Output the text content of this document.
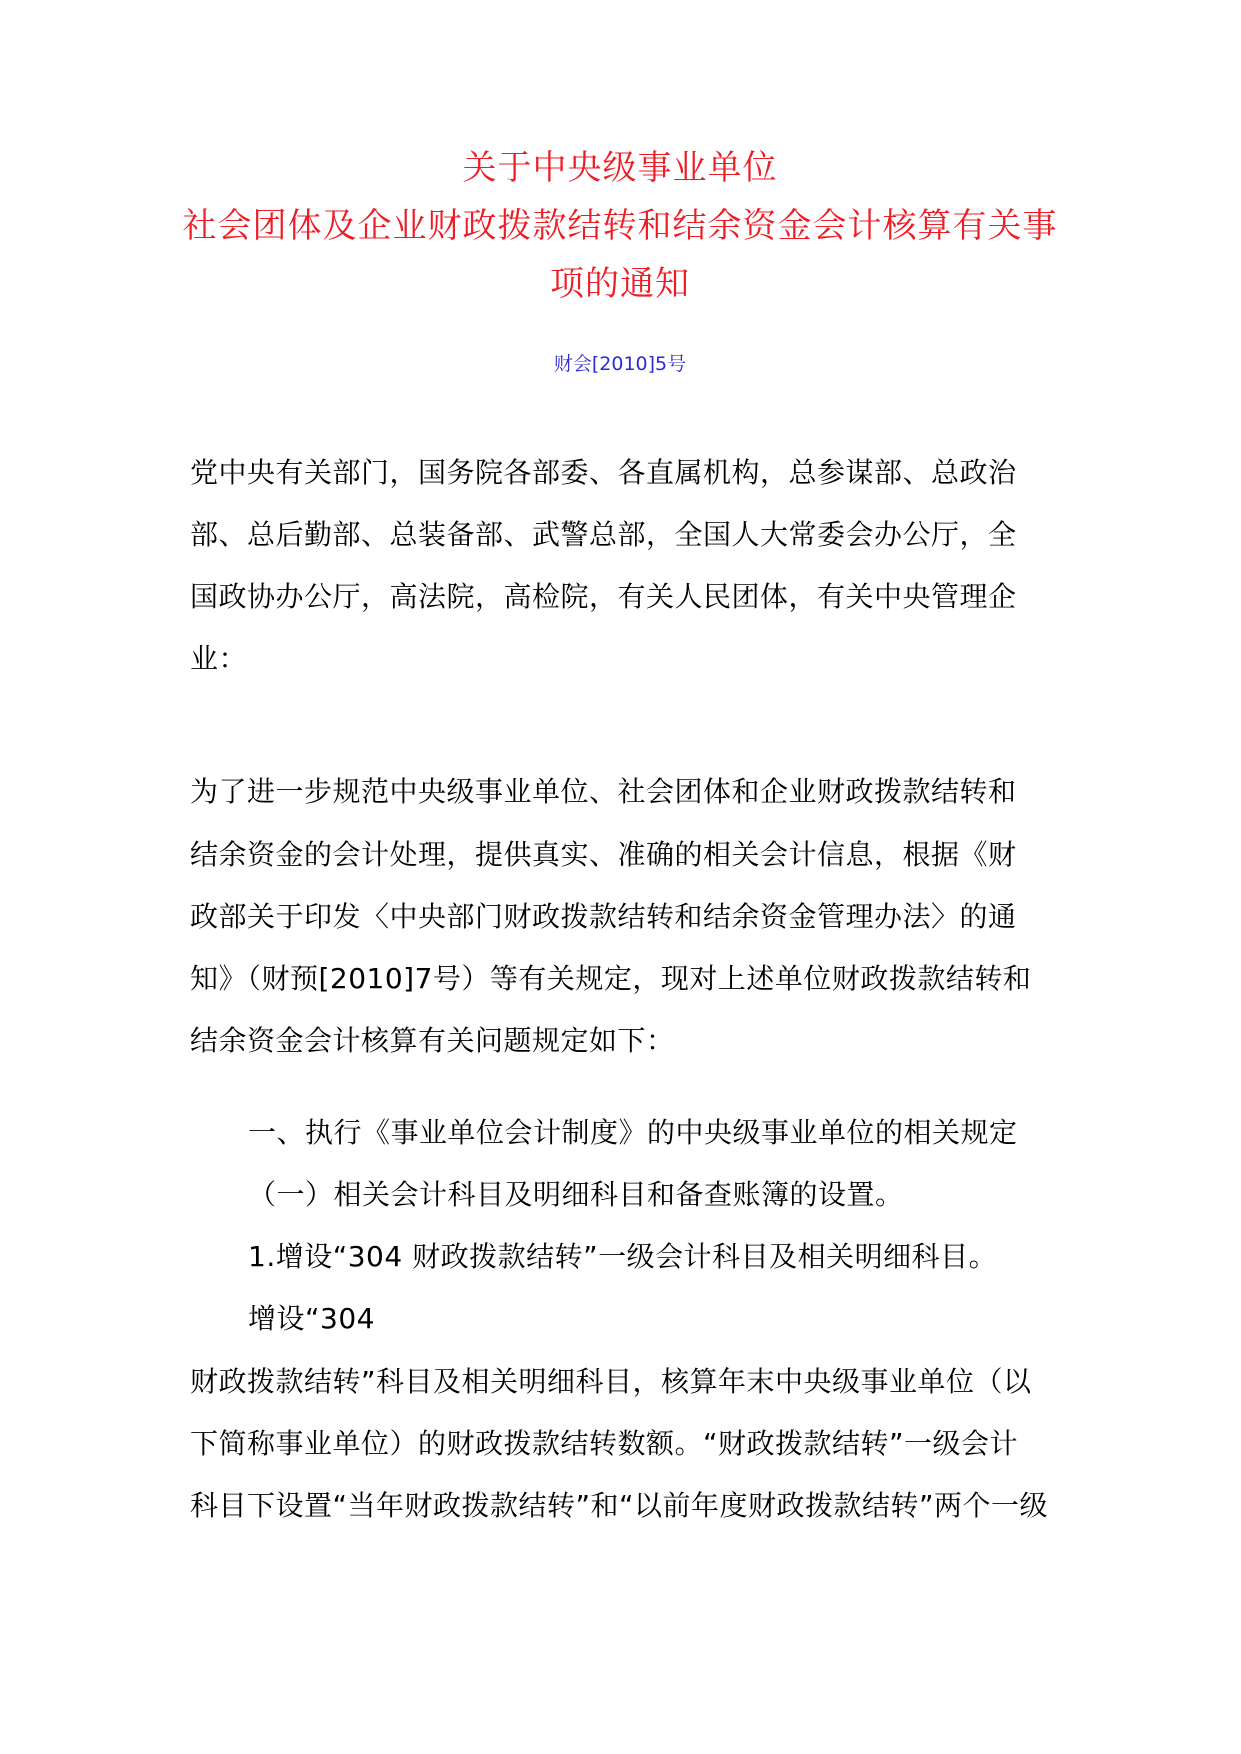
关于中央级事业单位
社会团体及企业财政拨款结转和结余资金会计核算有关事
项的通知
财会[2010]5号
党中央有关部门，国务院各部委、各直属机构，总参谋部、总政治
部、总后勤部、总装备部、武警总部，全国人大常委会办公厅，全
国政协办公厅，高法院，高检院，有关人民团体，有关中央管理企
业：
为了进一步规范中央级事业单位、社会团体和企业财政拨款结转和
结余资金的会计处理，提供真实、准确的相关会计信息，根据《财
政部关于印发〈中央部门财政拨款结转和结余资金管理办法〉的通
知》（财预[2010]7号）等有关规定，现对上述单位财政拨款结转和
结余资金会计核算有关问题规定如下：
一、执行《事业单位会计制度》的中央级事业单位的相关规定
（一）相关会计科目及明细科目和备查账簿的设置。
1.增设“304 财政拨款结转”一级会计科目及相关明细科目。
增设“304
财政拨款结转”科目及相关明细科目，核算年末中央级事业单位（以
下简称事业单位）的财政拨款结转数额。“财政拨款结转”一级会计
科目下设置“当年财政拨款结转”和“以前年度财政拨款结转”两个一级
